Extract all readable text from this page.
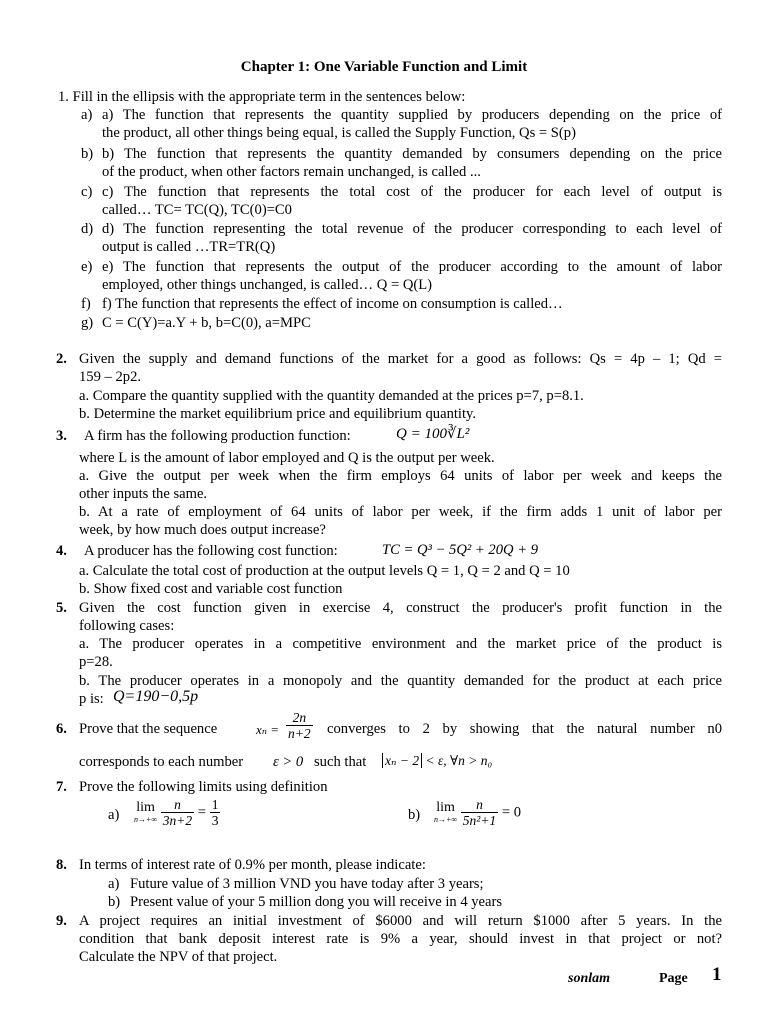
Chapter 1: One Variable Function and Limit
1. Fill in the ellipsis with the appropriate term in the sentences below:
a) a) The function that represents the quantity supplied by producers depending on the price of
the product, all other things being equal, is called the Supply Function, Qs = S(p)
b) b) The function that represents the quantity demanded by consumers depending on the price
of the product, when other factors remain unchanged, is called ...
c) c) The function that represents the total cost of the producer for each level of output is
called… TC= TC(Q), TC(0)=C0
d) d) The function representing the total revenue of the producer corresponding to each level of
output is called …TR=TR(Q)
e) e) The function that represents the output of the producer according to the amount of labor
employed, other things unchanged, is called… Q = Q(L)
f) f) The function that represents the effect of income on consumption is called…
g) C = C(Y)=a.Y + b, b=C(0), a=MPC
2. Given the supply and demand functions of the market for a good as follows: Qs = 4p – 1; Qd =
159 – 2p2.
a. Compare the quantity supplied with the quantity demanded at the prices p=7, p=8.1.
b. Determine the market equilibrium price and equilibrium quantity.
3. A firm has the following production function:	Q = 100∛L²
where L is the amount of labor employed and Q is the output per week.
a. Give the output per week when the firm employs 64 units of labor per week and keeps the
other inputs the same.
b. At a rate of employment of 64 units of labor per week, if the firm adds 1 unit of labor per
week, by how much does output increase?
4. A producer has the following cost function:	TC = Q³ − 5Q² + 20Q + 9
a. Calculate the total cost of production at the output levels Q = 1, Q = 2 and Q = 10
b. Show fixed cost and variable cost function
5. Given the cost function given in exercise 4, construct the producer's profit function in the
following cases:
a. The producer operates in a competitive environment and the market price of the product is
p=28.
b. The producer operates in a monopoly and the quantity demanded for the product at each price
p is: Q=190−0,5p
6. Prove that the sequence	$x_n = \frac{2n}{n+2}$ converges to 2 by showing that the natural number n0
corresponds to each number ε > 0 such that xₙ − 2 < ε, ∀n > n₀
7. Prove the following limits using definition
a) lim
n→+∞
$\frac{n}{3n+2} = \frac{1}{3}$	b) lim
n→+∞
$\frac{n}{\text{5n²+1}} = 0$
8. In terms of interest rate of 0.9% per month, please indicate:
a) Future value of 3 million VND you have today after 3 years;
b) Present value of your 5 million dong you will receive in 4 years
9. A project requires an initial investment of $6000 and will return $1000 after 5 years. In the
condition that bank deposit interest rate is 9% a year, should invest in that project or not?
Calculate the NPV of that project.
sonlam	Page 1
